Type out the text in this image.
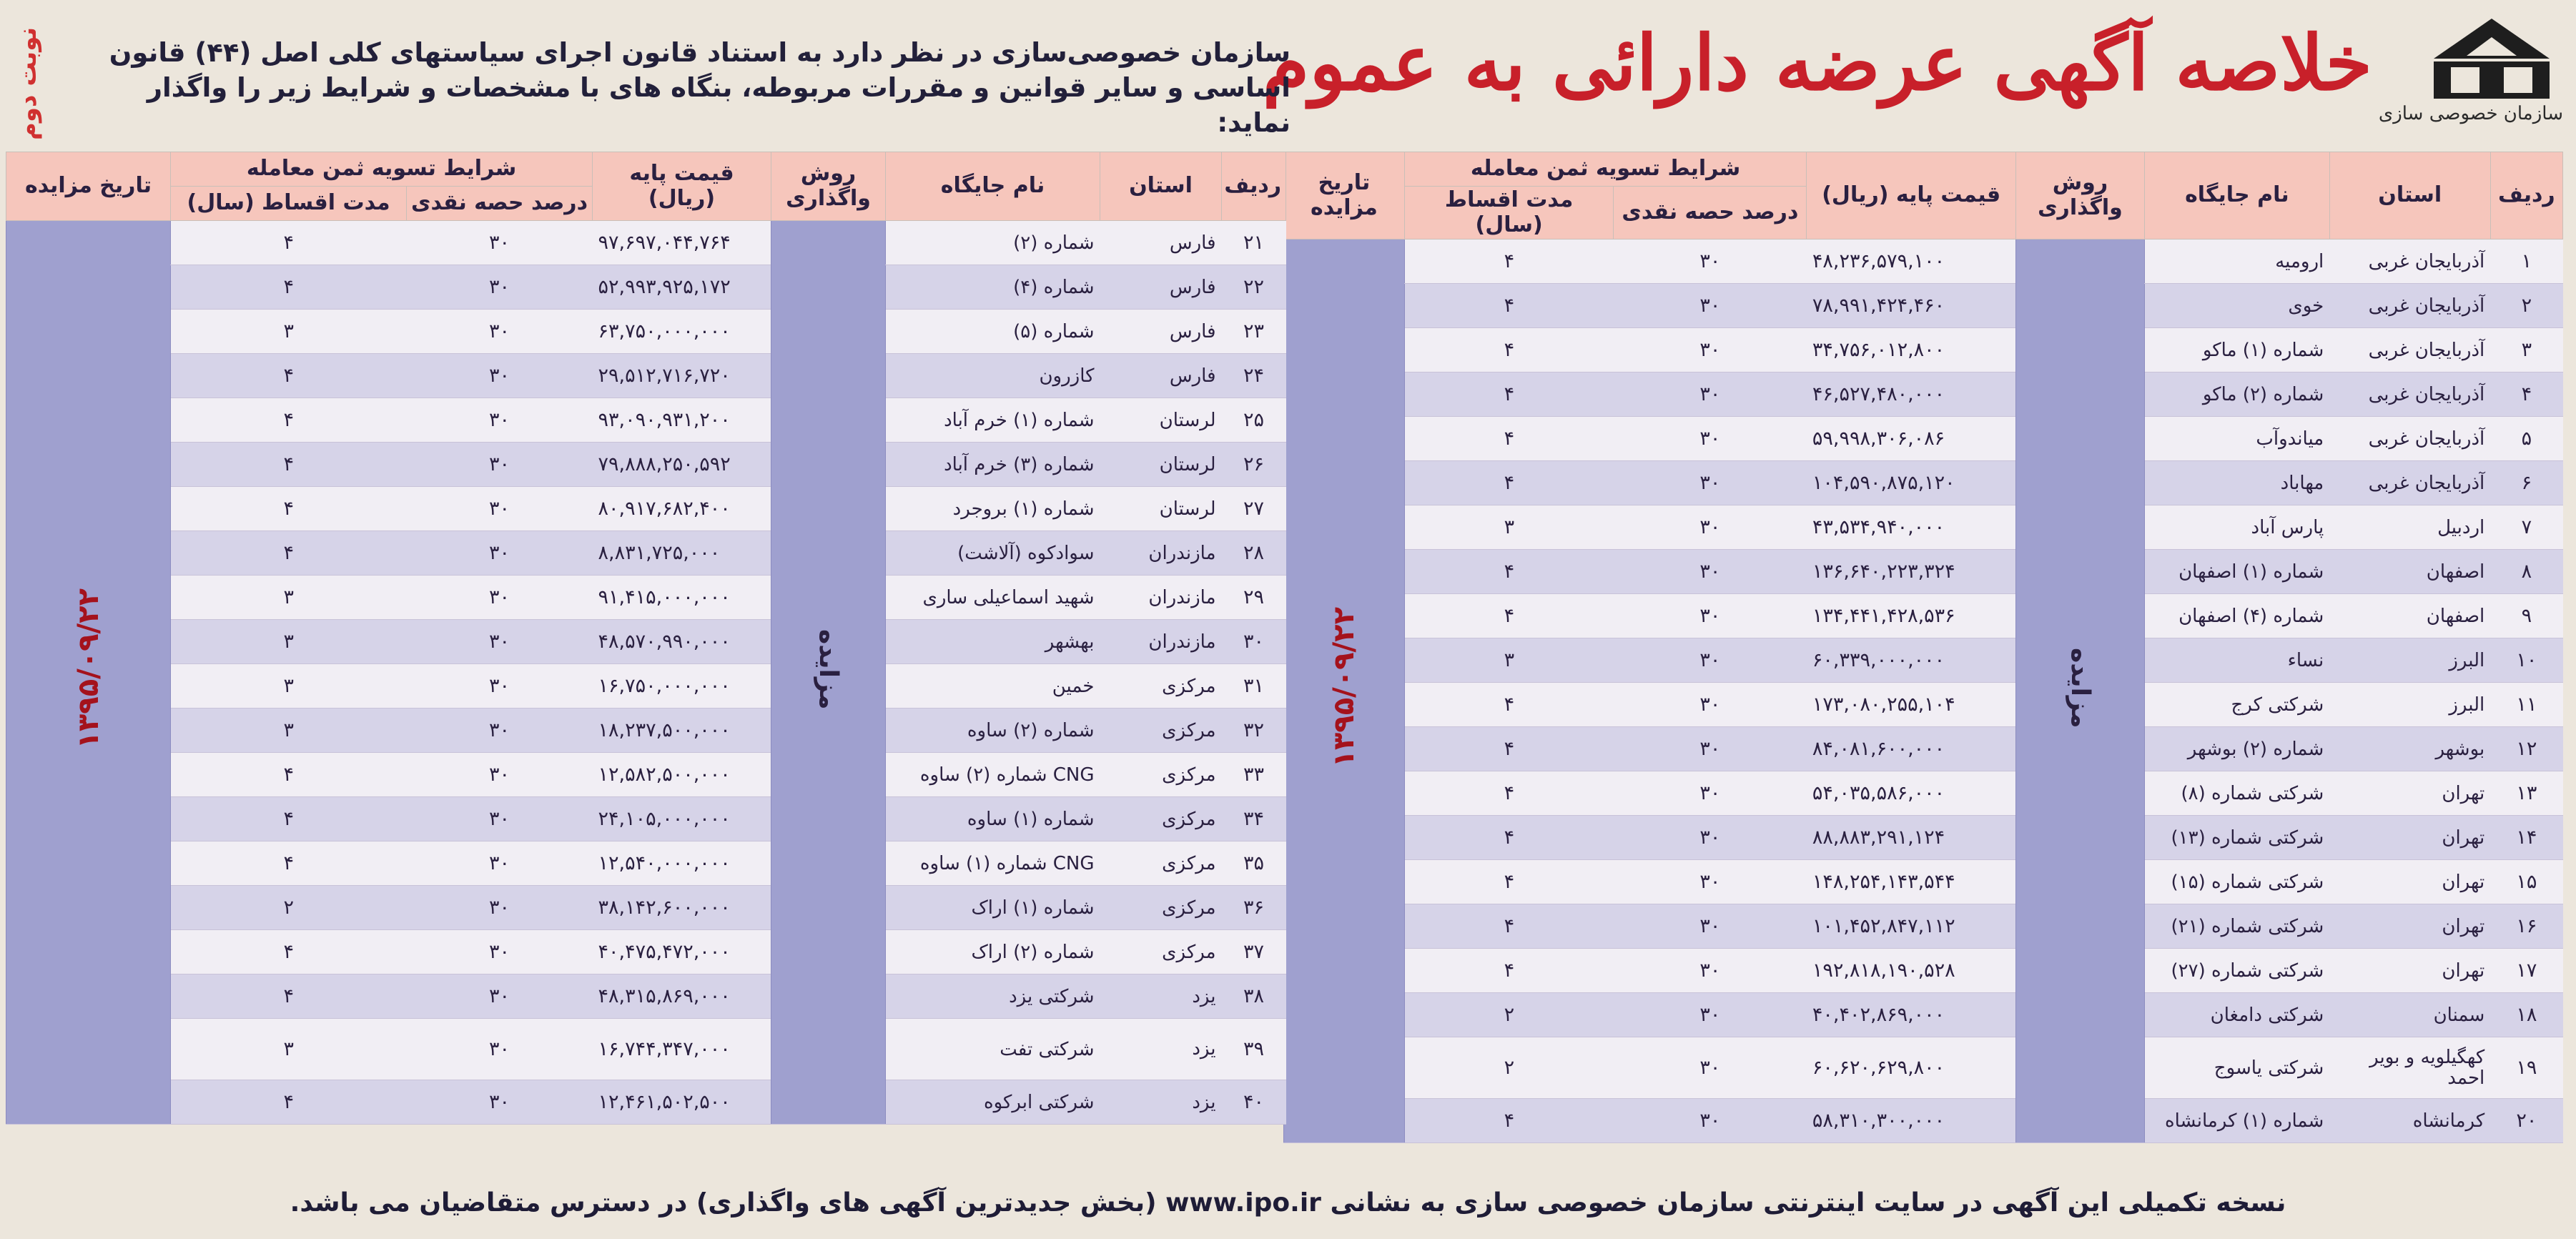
سازمان خصوصی سازی
خلاصه آگهی عرضه دارائی به عموم
سازمان خصوصی‌سازی در نظر دارد به استناد قانون اجرای سیاستهای کلی اصل (۴۴) قانون اساسی و سایر قوانین و مقررات مربوطه، بنگاه های با مشخصات و شرایط زیر را واگذار نماید:
نوبت دوم
ردیف	استان	نام جایگاه	روش واگذاری	قیمت پایه (ریال)	شرایط تسویه ثمن معامله		تاریخ مزایده
					درصد حصه نقدی	مدت اقساط (سال)	
۱	آذربایجان غربی	ارومیه	مزایده	۴۸,۲۳۶,۵۷۹,۱۰۰	۳۰	۴	۱۳۹۵/۰۹/۲۲
۲	آذربایجان غربی	خوی		۷۸,۹۹۱,۴۲۴,۴۶۰	۳۰	۴	
۳	آذربایجان غربی	شماره (۱) ماکو		۳۴,۷۵۶,۰۱۲,۸۰۰	۳۰	۴	
۴	آذربایجان غربی	شماره (۲) ماکو		۴۶,۵۲۷,۴۸۰,۰۰۰	۳۰	۴	
۵	آذربایجان غربی	میاندوآب		۵۹,۹۹۸,۳۰۶,۰۸۶	۳۰	۴	
۶	آذربایجان غربی	مهاباد		۱۰۴,۵۹۰,۸۷۵,۱۲۰	۳۰	۴	
۷	اردبیل	پارس آباد		۴۳,۵۳۴,۹۴۰,۰۰۰	۳۰	۳	
۸	اصفهان	شماره (۱) اصفهان		۱۳۶,۶۴۰,۲۲۳,۳۲۴	۳۰	۴	
۹	اصفهان	شماره (۴) اصفهان		۱۳۴,۴۴۱,۴۲۸,۵۳۶	۳۰	۴	
۱۰	البرز	نساء		۶۰,۳۳۹,۰۰۰,۰۰۰	۳۰	۳	
۱۱	البرز	شرکتی کرج		۱۷۳,۰۸۰,۲۵۵,۱۰۴	۳۰	۴	
۱۲	بوشهر	شماره (۲) بوشهر		۸۴,۰۸۱,۶۰۰,۰۰۰	۳۰	۴	
۱۳	تهران	شرکتی شماره (۸)		۵۴,۰۳۵,۵۸۶,۰۰۰	۳۰	۴	
۱۴	تهران	شرکتی شماره (۱۳)		۸۸,۸۸۳,۲۹۱,۱۲۴	۳۰	۴	
۱۵	تهران	شرکتی شماره (۱۵)		۱۴۸,۲۵۴,۱۴۳,۵۴۴	۳۰	۴	
۱۶	تهران	شرکتی شماره (۲۱)		۱۰۱,۴۵۲,۸۴۷,۱۱۲	۳۰	۴	
۱۷	تهران	شرکتی شماره (۲۷)		۱۹۲,۸۱۸,۱۹۰,۵۲۸	۳۰	۴	
۱۸	سمنان	شرکتی دامغان		۴۰,۴۰۲,۸۶۹,۰۰۰	۳۰	۲	
۱۹	کهگیلویه و بویر احمد	شرکتی یاسوج		۶۰,۶۲۰,۶۲۹,۸۰۰	۳۰	۲	
۲۰	کرمانشاه	شماره (۱) کرمانشاه		۵۸,۳۱۰,۳۰۰,۰۰۰	۳۰	۴	
ردیف	استان	نام جایگاه	روش واگذاری	قیمت پایه (ریال)	شرایط تسویه ثمن معامله		تاریخ مزایده
					درصد حصه نقدی	مدت اقساط (سال)	
۲۱	فارس	شماره (۲)	مزایده	۹۷,۶۹۷,۰۴۴,۷۶۴	۳۰	۴	۱۳۹۵/۰۹/۲۲
۲۲	فارس	شماره (۴)		۵۲,۹۹۳,۹۲۵,۱۷۲	۳۰	۴	
۲۳	فارس	شماره (۵)		۶۳,۷۵۰,۰۰۰,۰۰۰	۳۰	۳	
۲۴	فارس	کازرون		۲۹,۵۱۲,۷۱۶,۷۲۰	۳۰	۴	
۲۵	لرستان	شماره (۱) خرم آباد		۹۳,۰۹۰,۹۳۱,۲۰۰	۳۰	۴	
۲۶	لرستان	شماره (۳) خرم آباد		۷۹,۸۸۸,۲۵۰,۵۹۲	۳۰	۴	
۲۷	لرستان	شماره (۱) بروجرد		۸۰,۹۱۷,۶۸۲,۴۰۰	۳۰	۴	
۲۸	مازندران	سوادکوه (آلاشت)		۸,۸۳۱,۷۲۵,۰۰۰	۳۰	۴	
۲۹	مازندران	شهید اسماعیلی ساری		۹۱,۴۱۵,۰۰۰,۰۰۰	۳۰	۳	
۳۰	مازندران	بهشهر		۴۸,۵۷۰,۹۹۰,۰۰۰	۳۰	۳	
۳۱	مرکزی	خمین		۱۶,۷۵۰,۰۰۰,۰۰۰	۳۰	۳	
۳۲	مرکزی	شماره (۲) ساوه		۱۸,۲۳۷,۵۰۰,۰۰۰	۳۰	۳	
۳۳	مرکزی	CNG شماره (۲) ساوه		۱۲,۵۸۲,۵۰۰,۰۰۰	۳۰	۴	
۳۴	مرکزی	شماره (۱) ساوه		۲۴,۱۰۵,۰۰۰,۰۰۰	۳۰	۴	
۳۵	مرکزی	CNG شماره (۱) ساوه		۱۲,۵۴۰,۰۰۰,۰۰۰	۳۰	۴	
۳۶	مرکزی	شماره (۱) اراک		۳۸,۱۴۲,۶۰۰,۰۰۰	۳۰	۲	
۳۷	مرکزی	شماره (۲) اراک		۴۰,۴۷۵,۴۷۲,۰۰۰	۳۰	۴	
۳۸	یزد	شرکتی یزد		۴۸,۳۱۵,۸۶۹,۰۰۰	۳۰	۴	
۳۹	یزد	شرکتی تفت		۱۶,۷۴۴,۳۴۷,۰۰۰	۳۰	۳	
۴۰	یزد	شرکتی ابرکوه		۱۲,۴۶۱,۵۰۲,۵۰۰	۳۰	۴	
نسخه تکمیلی این آگهی در سایت اینترنتی سازمان خصوصی سازی به نشانی www.ipo.ir (بخش جدیدترین آگهی های واگذاری) در دسترس متقاضیان می باشد.
